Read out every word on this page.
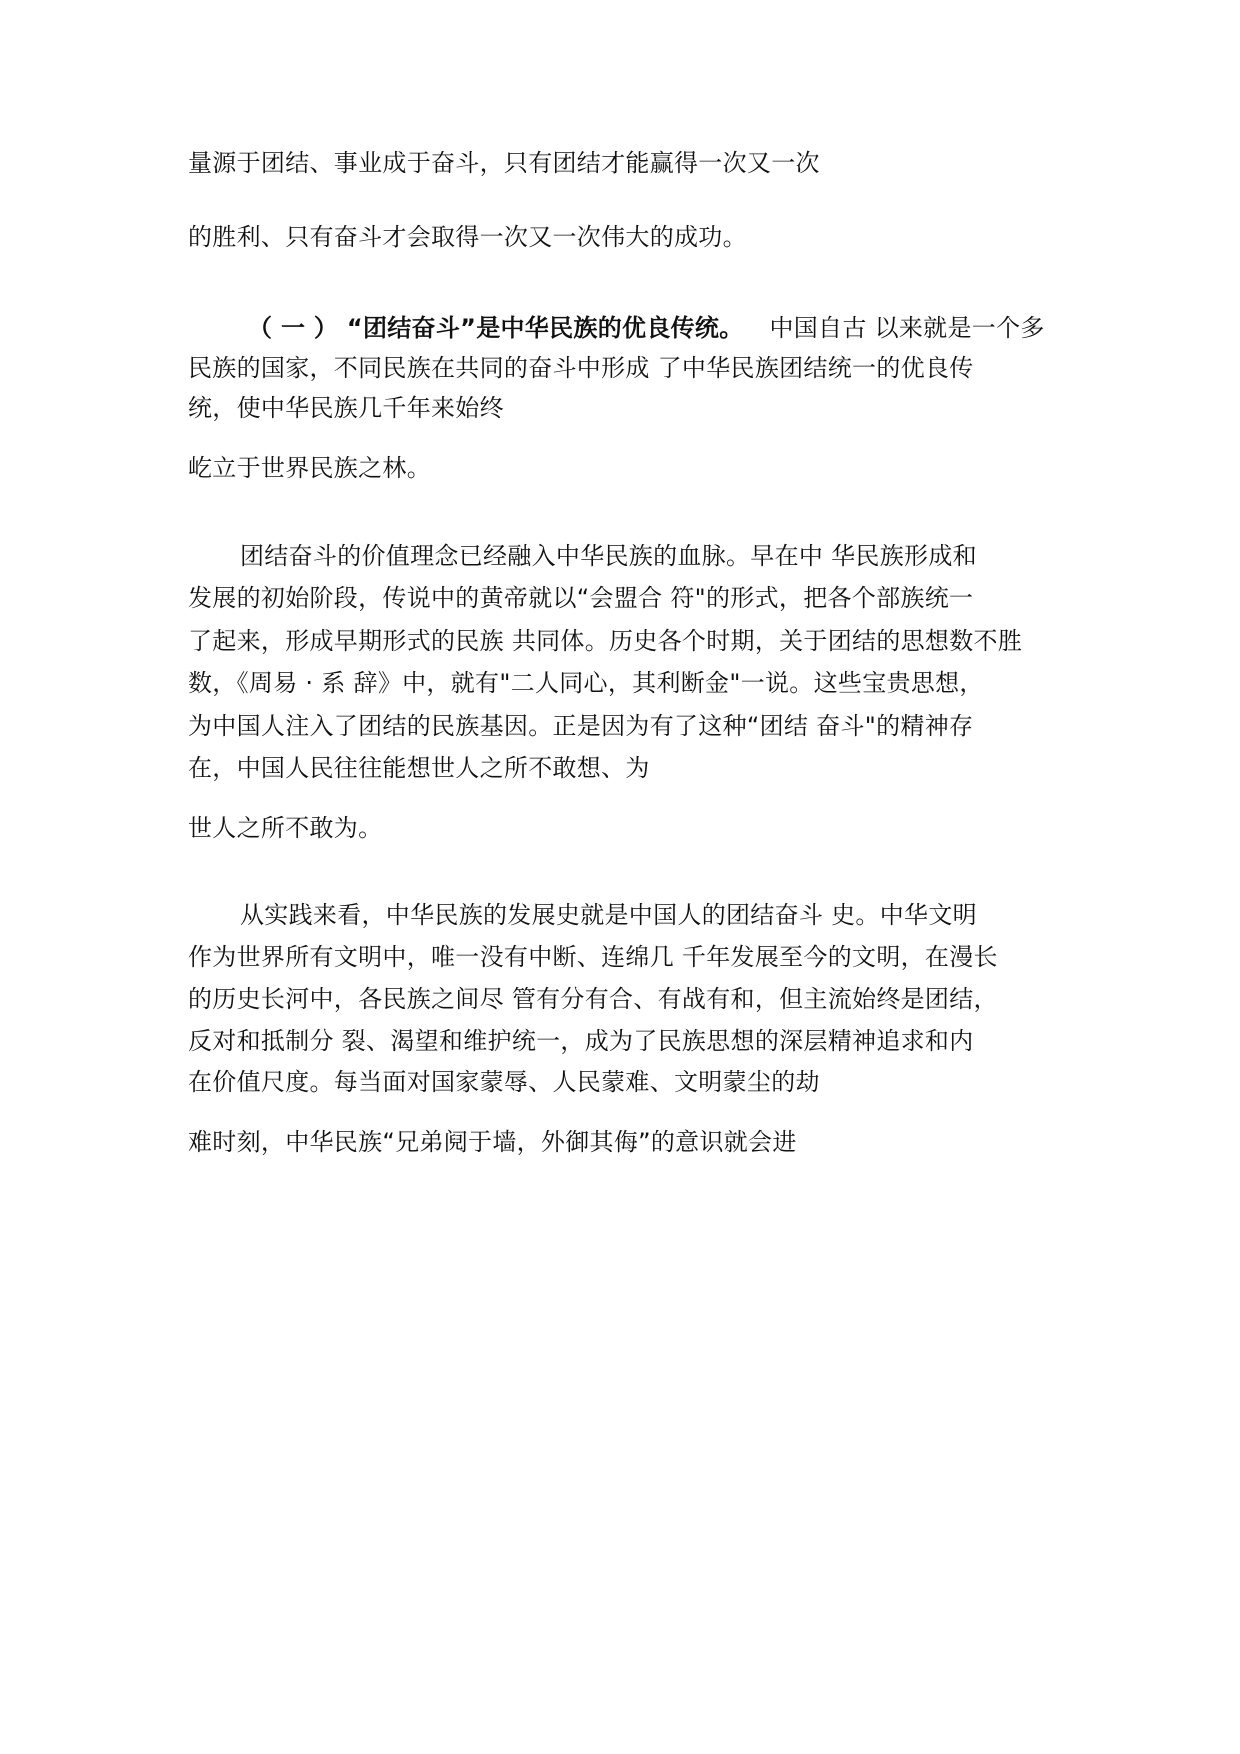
量源于团结、事业成于奋斗，只有团结才能赢得一次又一次
的胜利、只有奋斗才会取得一次又一次伟大的成功。
（ 一 ） “团结奋斗”是中华民族的优良传统。 中国自古 以来就是一个多
民族的国家，不同民族在共同的奋斗中形成 了中华民族团结统一的优良传
统，使中华民族几千年来始终
屹立于世界民族之林。
团结奋斗的价值理念已经融入中华民族的血脉。早在中 华民族形成和
发展的初始阶段，传说中的黄帝就以“会盟合 符"的形式，把各个部族统一
了起来，形成早期形式的民族 共同体。历史各个时期，关于团结的思想数不胜
数，《周易 · 系 辞》中，就有"二人同心，其利断金"一说。这些宝贵思想，
为中国人注入了团结的民族基因。正是因为有了这种“团结 奋斗"的精神存
在，中国人民往往能想世人之所不敢想、为
世人之所不敢为。
从实践来看，中华民族的发展史就是中国人的团结奋斗 史。中华文明
作为世界所有文明中，唯一没有中断、连绵几 千年发展至今的文明，在漫长
的历史长河中，各民族之间尽 管有分有合、有战有和，但主流始终是团结，
反对和抵制分 裂、渴望和维护统一，成为了民族思想的深层精神追求和内
在价值尺度。每当面对国家蒙辱、人民蒙难、文明蒙尘的劫
难时刻，中华民族“兄弟阋于墙，外御其侮”的意识就会进
